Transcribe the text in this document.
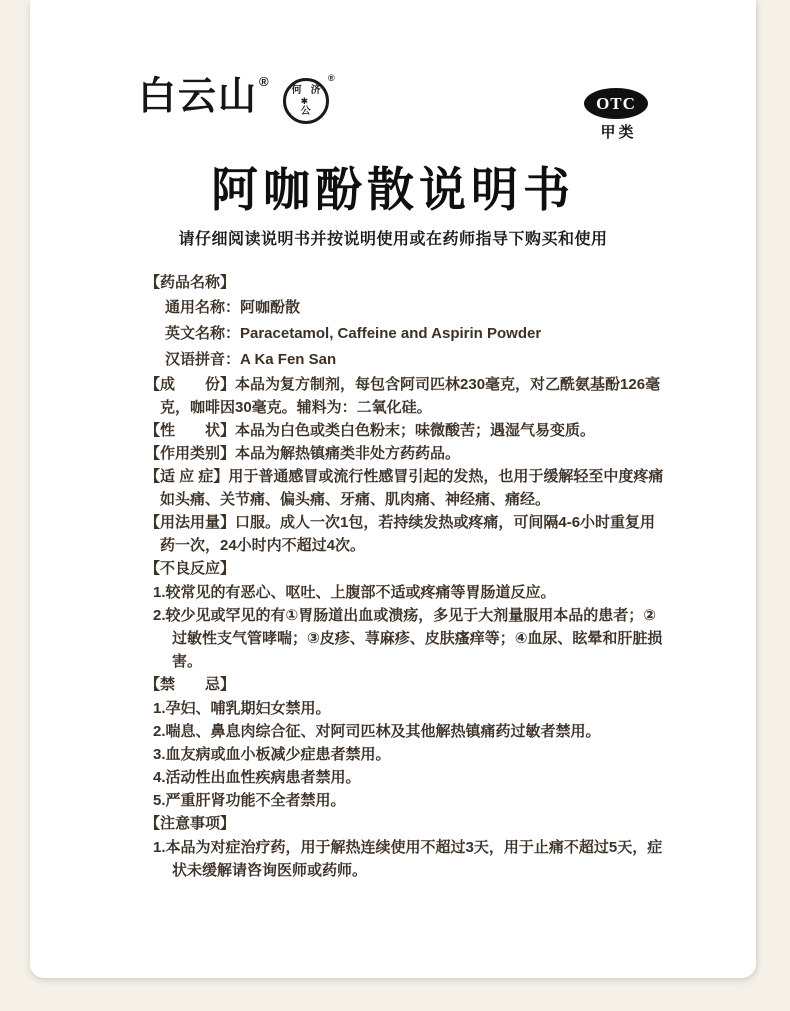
白云山 ®
何 济
公
✱
®
OTC
甲类
阿咖酚散说明书

请仔细阅读说明书并按说明使用或在药师指导下购买和使用

【药品名称】

通用名称：阿咖酚散

英文名称：Paracetamol, Caffeine and Aspirin Powder

汉语拼音：A Ka Fen San

【成　　份】本品为复方制剂，每包含阿司匹林230毫克，对乙酰氨基酚126毫克，咖啡因30毫克。辅料为：二氧化硅。

【性　　状】本品为白色或类白色粉末；味微酸苦；遇湿气易变质。

【作用类别】本品为解热镇痛类非处方药药品。

【适 应 症】用于普通感冒或流行性感冒引起的发热，也用于缓解轻至中度疼痛如头痛、关节痛、偏头痛、牙痛、肌肉痛、神经痛、痛经。

【用法用量】口服。成人一次1包，若持续发热或疼痛，可间隔4-6小时重复用药一次，24小时内不超过4次。

【不良反应】

1.较常见的有恶心、呕吐、上腹部不适或疼痛等胃肠道反应。

2.较少见或罕见的有①胃肠道出血或溃疡，多见于大剂量服用本品的患者；②过敏性支气管哮喘；③皮疹、荨麻疹、皮肤瘙痒等；④血尿、眩晕和肝脏损害。

【禁　　忌】

1.孕妇、哺乳期妇女禁用。

2.喘息、鼻息肉综合征、对阿司匹林及其他解热镇痛药过敏者禁用。

3.血友病或血小板减少症患者禁用。

4.活动性出血性疾病患者禁用。

5.严重肝肾功能不全者禁用。

【注意事项】

1.本品为对症治疗药，用于解热连续使用不超过3天，用于止痛不超过5天，症状未缓解请咨询医师或药师。
